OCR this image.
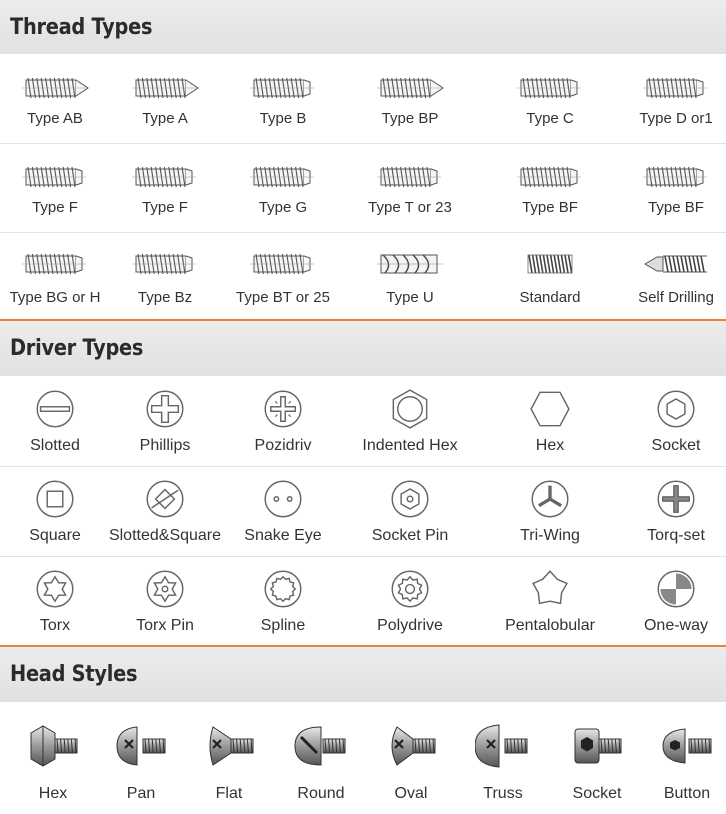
Thread Types
Type AB	Type A	Type B	Type BP	Type C	Type D or1
Type F	Type F	Type G	Type T or 23	Type BF	Type BF
Type BG or H	Type Bz	Type BT or 25	Type U	Standard	Self Drilling
Driver Types
Slotted	Phillips	Pozidriv	Indented Hex	Hex	Socket
Square	Slotted&Square	Snake Eye	Socket Pin	Tri-Wing	Torq-set
Torx	Torx Pin	Spline	Polydrive	Pentalobular	One-way
Head Styles
Hex	Pan	Flat	Round	Oval	Truss	Socket	Button
